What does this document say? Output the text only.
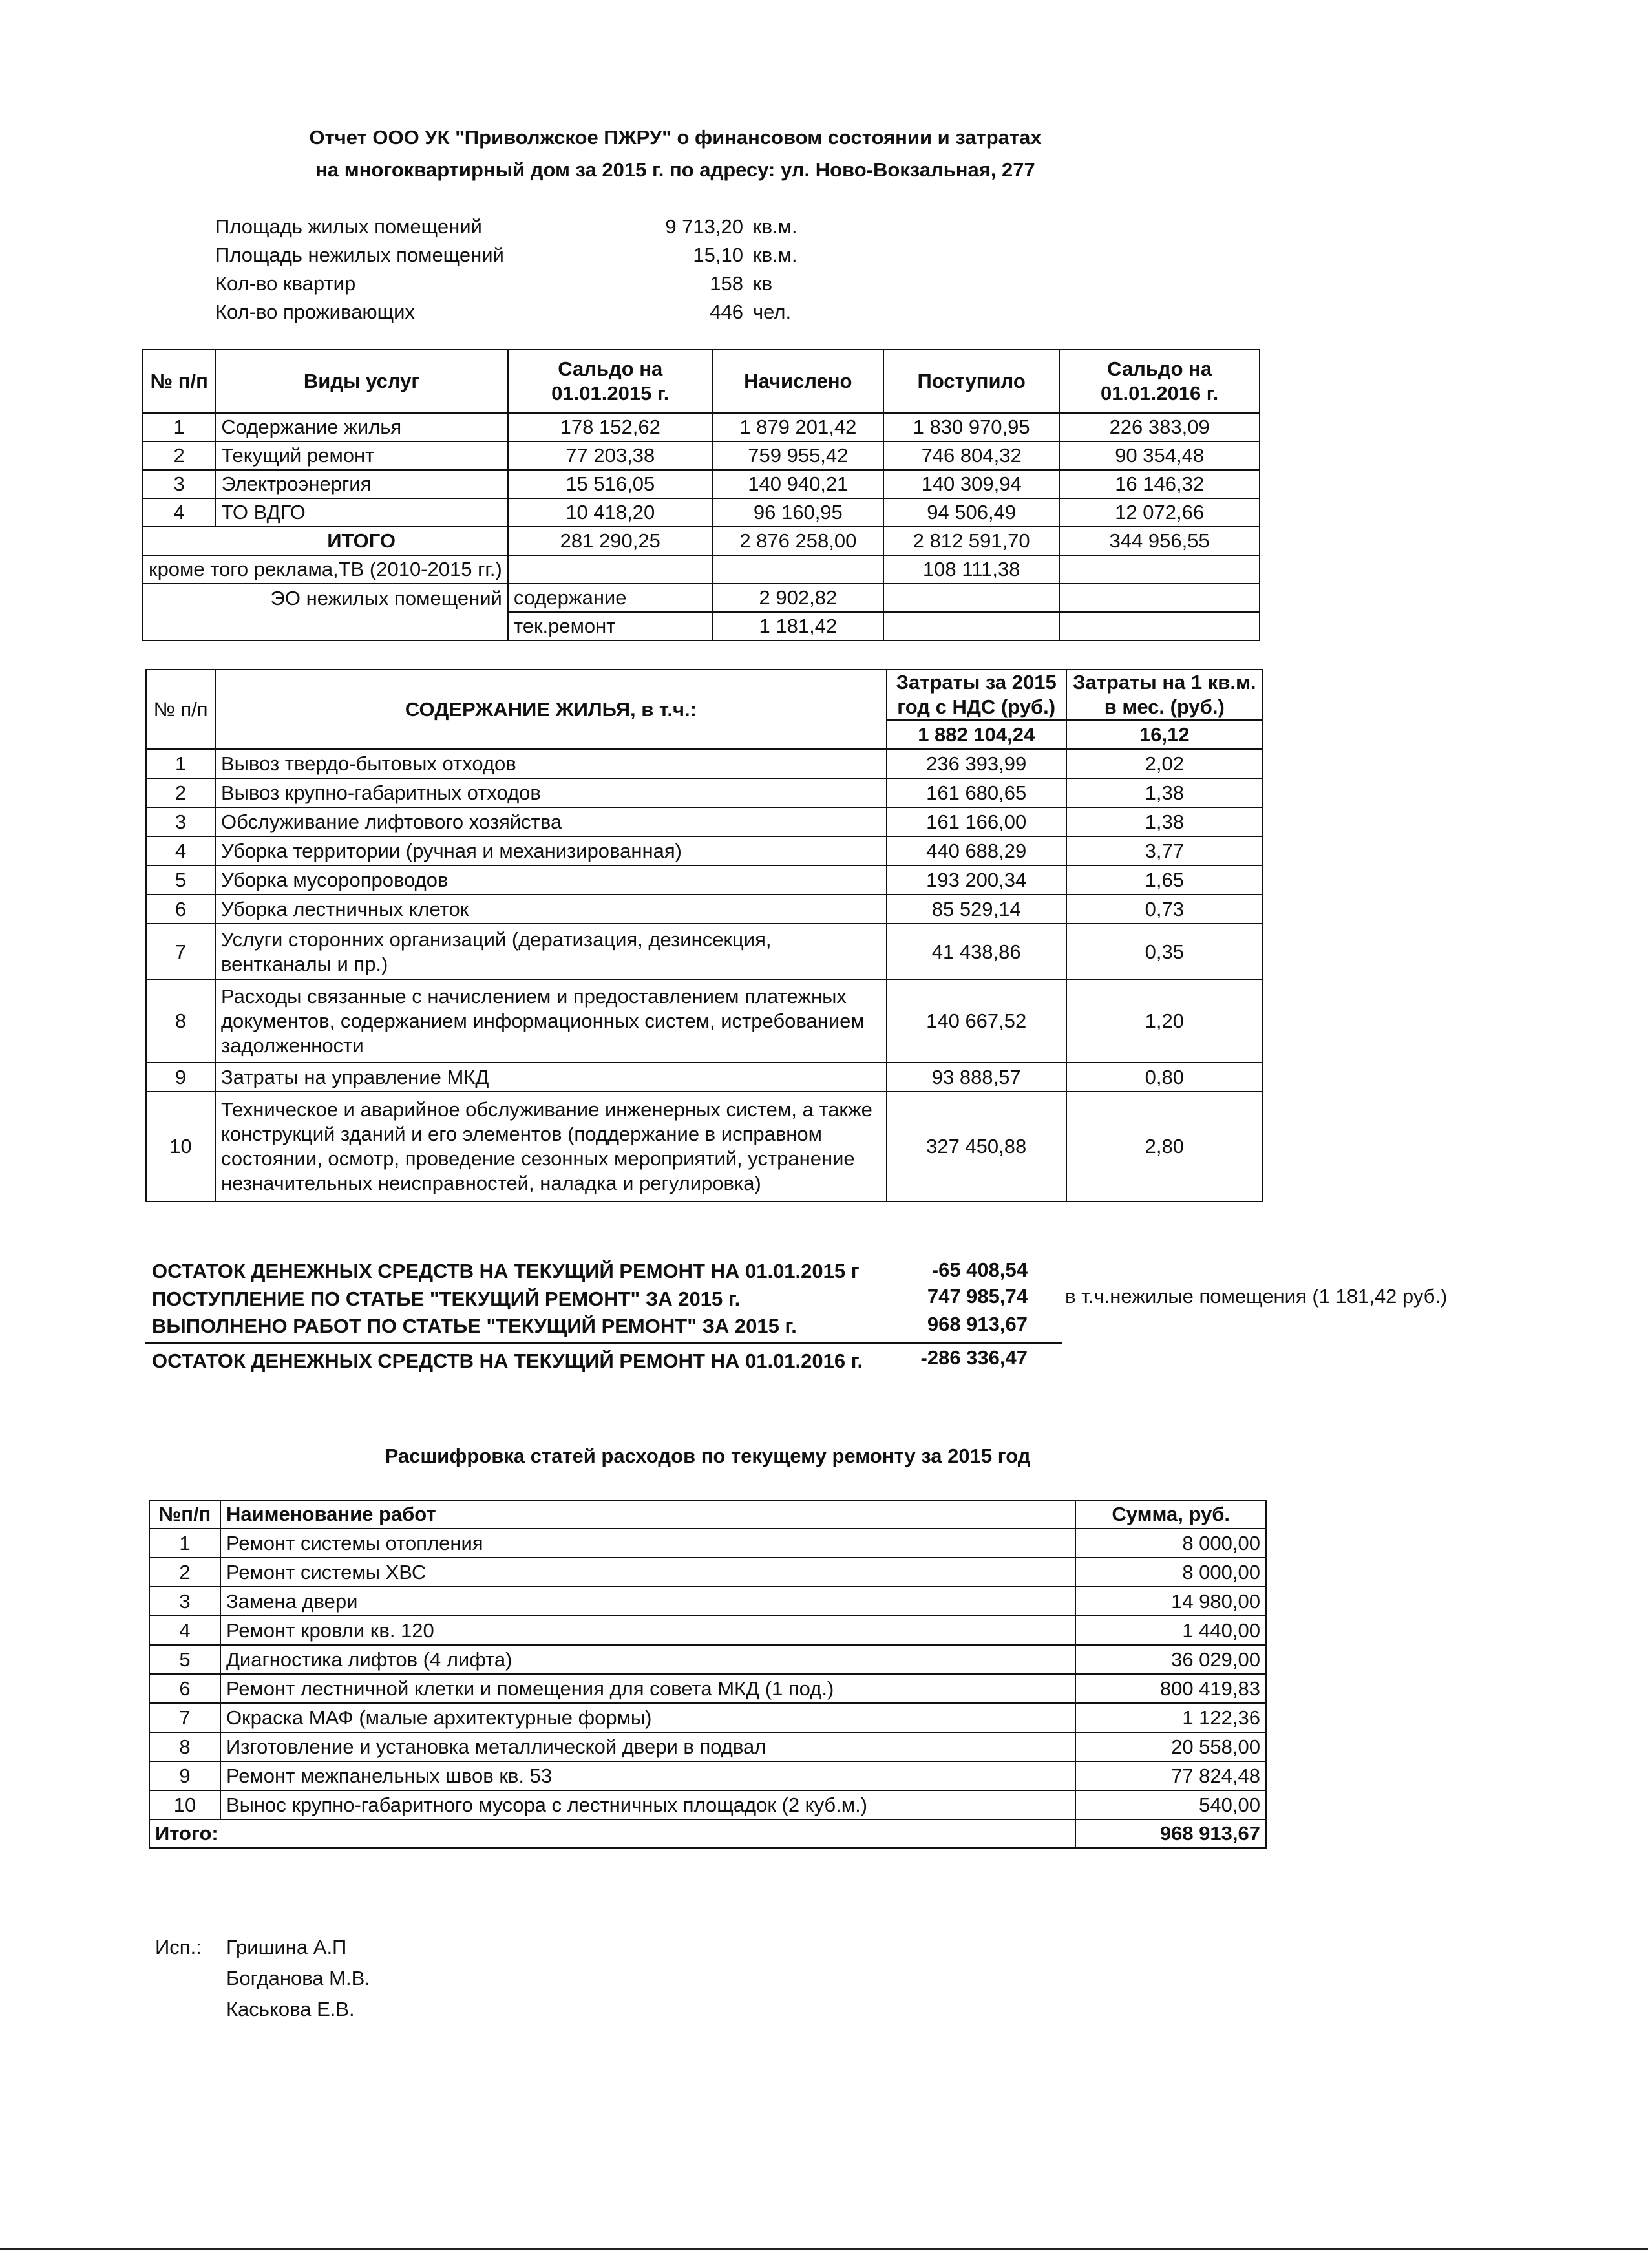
Отчет ООО УК "Приволжское ПЖРУ" о финансовом состоянии и затратах
на многоквартирный дом за 2015 г. по адресу: ул. Ново-Вокзальная, 277
Площадь жилых помещений	9 713,20 кв.м.
Площадь нежилых помещений	15,10 кв.м.
Кол-во квартир	158 кв
Кол-во проживающих	446 чел.
№ п/п	Виды услуг	Сальдо на 01.01.2015 г.	Начислено	Поступило	Сальдо на 01.01.2016 г.
1	Содержание жилья	178 152,62	1 879 201,42	1 830 970,95	226 383,09
2	Текущий ремонт	77 203,38	759 955,42	746 804,32	90 354,48
3	Электроэнергия	15 516,05	140 940,21	140 309,94	16 146,32
4	ТО ВДГО	10 418,20	96 160,95	94 506,49	12 072,66
	ИТОГО	281 290,25	2 876 258,00	2 812 591,70	344 956,55
кроме того реклама,ТВ (2010-2015 гг.)				108 111,38	
ЭО нежилых помещений		содержание	2 902,82		
		тек.ремонт	1 181,42		
№ п/п	СОДЕРЖАНИЕ ЖИЛЬЯ, в т.ч.:	Затраты за 2015 год с НДС (руб.)	Затраты на 1 кв.м. в мес. (руб.)
		1 882 104,24	16,12
1	Вывоз твердо-бытовых отходов	236 393,99	2,02
2	Вывоз крупно-габаритных отходов	161 680,65	1,38
3	Обслуживание лифтового хозяйства	161 166,00	1,38
4	Уборка территории (ручная и механизированная)	440 688,29	3,77
5	Уборка мусоропроводов	193 200,34	1,65
6	Уборка лестничных клеток	85 529,14	0,73
7	Услуги сторонних организаций (дератизация, дезинсекция, вентканалы и пр.)	41 438,86	0,35
8	Расходы связанные с начислением и предоставлением платежных документов, содержанием информационных систем, истребованием задолженности	140 667,52	1,20
9	Затраты на управление МКД	93 888,57	0,80
10	Техническое и аварийное обслуживание инженерных систем, а также конструкций зданий и его элементов (поддержание в исправном состоянии, осмотр, проведение сезонных мероприятий, устранение незначительных неисправностей, наладка и регулировка)	327 450,88	2,80
ОСТАТОК ДЕНЕЖНЫХ СРЕДСТВ НА ТЕКУЩИЙ РЕМОНТ НА 01.01.2015 г	-65 408,54
ПОСТУПЛЕНИЕ ПО СТАТЬЕ "ТЕКУЩИЙ РЕМОНТ" ЗА 2015 г.	747 985,74 в т.ч.нежилые помещения (1 181,42 руб.)
ВЫПОЛНЕНО РАБОТ ПО СТАТЬЕ "ТЕКУЩИЙ РЕМОНТ" ЗА 2015 г.	968 913,67
ОСТАТОК ДЕНЕЖНЫХ СРЕДСТВ НА ТЕКУЩИЙ РЕМОНТ НА 01.01.2016 г.	-286 336,47
Расшифровка статей расходов по текущему ремонту за 2015 год
№п/п	Наименование работ	Сумма, руб.
1	Ремонт системы отопления	8 000,00
2	Ремонт системы ХВС	8 000,00
3	Замена двери	14 980,00
4	Ремонт кровли кв. 120	1 440,00
5	Диагностика лифтов (4 лифта)	36 029,00
6	Ремонт лестничной клетки и помещения для совета МКД (1 под.)	800 419,83
7	Окраска МАФ (малые архитектурные формы)	1 122,36
8	Изготовление и установка металлической двери в подвал	20 558,00
9	Ремонт межпанельных швов кв. 53	77 824,48
10	Вынос крупно-габаритного мусора с лестничных площадок (2 куб.м.)	540,00
Итого:		968 913,67
Исп.: Гришина А.П
Богданова М.В.
Каськова Е.В.
